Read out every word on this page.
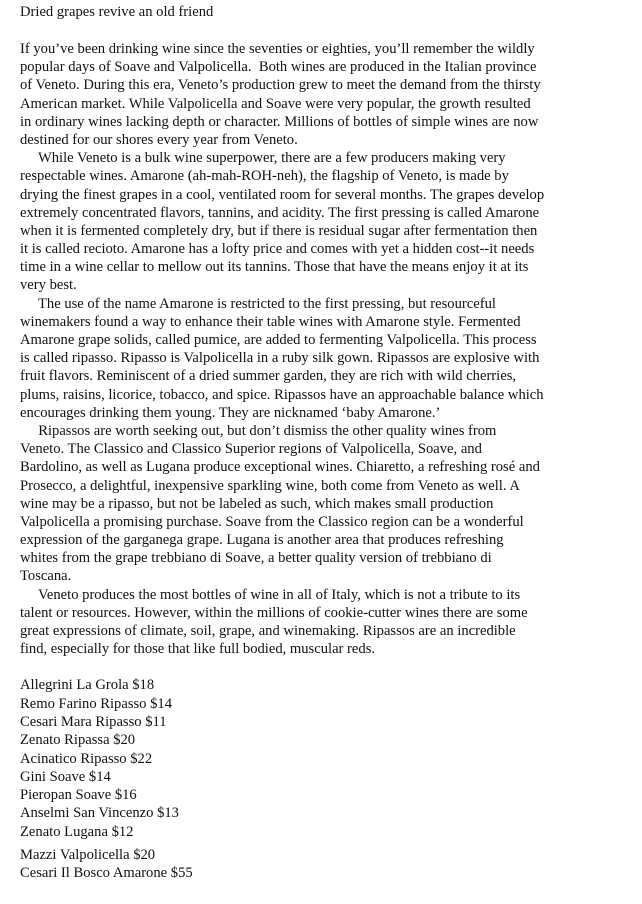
Dried grapes revive an old friend
If you’ve been drinking wine since the seventies or eighties, you’ll remember the wildly
popular days of Soave and Valpolicella.  Both wines are produced in the Italian province
of Veneto. During this era, Veneto’s production grew to meet the demand from the thirsty
American market. While Valpolicella and Soave were very popular, the growth resulted
in ordinary wines lacking depth or character. Millions of bottles of simple wines are now
destined for our shores every year from Veneto.
While Veneto is a bulk wine superpower, there are a few producers making very
respectable wines. Amarone (ah-mah-ROH-neh), the flagship of Veneto, is made by
drying the finest grapes in a cool, ventilated room for several months. The grapes develop
extremely concentrated flavors, tannins, and acidity. The first pressing is called Amarone
when it is fermented completely dry, but if there is residual sugar after fermentation then
it is called recioto. Amarone has a lofty price and comes with yet a hidden cost--it needs
time in a wine cellar to mellow out its tannins. Those that have the means enjoy it at its
very best.
The use of the name Amarone is restricted to the first pressing, but resourceful
winemakers found a way to enhance their table wines with Amarone style. Fermented
Amarone grape solids, called pumice, are added to fermenting Valpolicella. This process
is called ripasso. Ripasso is Valpolicella in a ruby silk gown. Ripassos are explosive with
fruit flavors. Reminiscent of a dried summer garden, they are rich with wild cherries,
plums, raisins, licorice, tobacco, and spice. Ripassos have an approachable balance which
encourages drinking them young. They are nicknamed ‘baby Amarone.’
Ripassos are worth seeking out, but don’t dismiss the other quality wines from
Veneto. The Classico and Classico Superior regions of Valpolicella, Soave, and
Bardolino, as well as Lugana produce exceptional wines. Chiaretto, a refreshing rosé and
Prosecco, a delightful, inexpensive sparkling wine, both come from Veneto as well. A
wine may be a ripasso, but not be labeled as such, which makes small production
Valpolicella a promising purchase. Soave from the Classico region can be a wonderful
expression of the garganega grape. Lugana is another area that produces refreshing
whites from the grape trebbiano di Soave, a better quality version of trebbiano di
Toscana.
Veneto produces the most bottles of wine in all of Italy, which is not a tribute to its
talent or resources. However, within the millions of cookie-cutter wines there are some
great expressions of climate, soil, grape, and winemaking. Ripassos are an incredible
find, especially for those that like full bodied, muscular reds.
Allegrini La Grola $18
Remo Farino Ripasso $14
Cesari Mara Ripasso $11
Zenato Ripassa $20
Acinatico Ripasso $22
Gini Soave $14
Pieropan Soave $16
Anselmi San Vincenzo $13
Zenato Lugana $12
Mazzi Valpolicella $20
Cesari Il Bosco Amarone $55
